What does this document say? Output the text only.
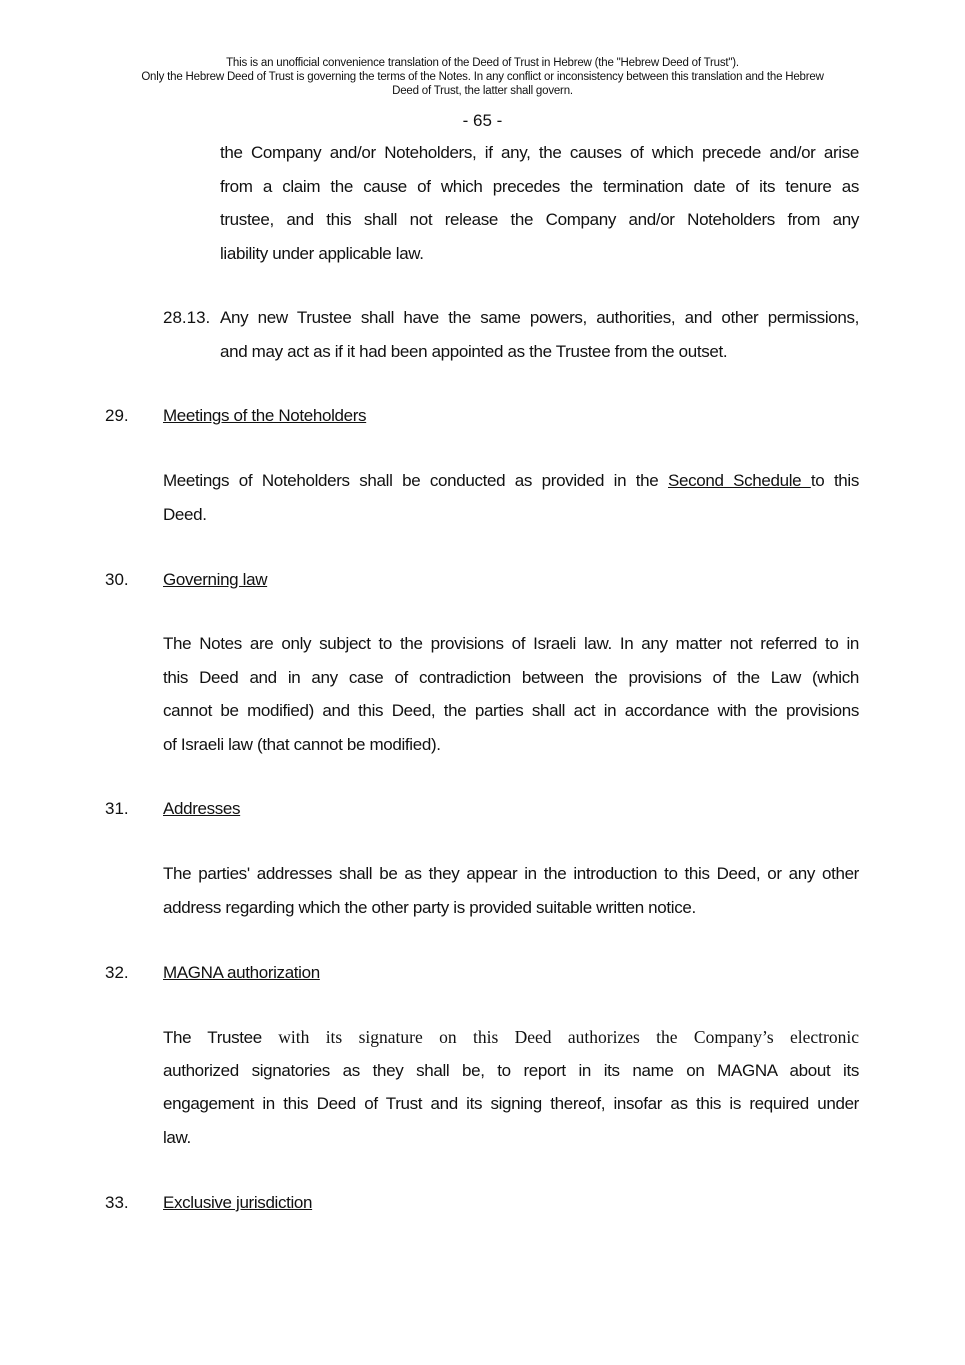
This is an unofficial convenience translation of the Deed of Trust in Hebrew (the "Hebrew Deed of Trust").
Only the Hebrew Deed of Trust is governing the terms of the Notes. In any conflict or inconsistency between this translation and the Hebrew
Deed of Trust, the latter shall govern.
- 65 -
the Company and/or Noteholders, if any, the causes of which precede and/or arise
from a claim the cause of which precedes the termination date of its tenure as
trustee, and this shall not release the Company and/or Noteholders from any
liability under applicable law.
28.13. Any new Trustee shall have the same powers, authorities, and other permissions,
and may act as if it had been appointed as the Trustee from the outset.
29. Meetings of the Noteholders
Meetings of Noteholders shall be conducted as provided in the Second Schedule to this
Deed.
30. Governing law
The Notes are only subject to the provisions of Israeli law. In any matter not referred to in
this Deed and in any case of contradiction between the provisions of the Law (which
cannot be modified) and this Deed, the parties shall act in accordance with the provisions
of Israeli law (that cannot be modified).
31. Addresses
The parties' addresses shall be as they appear in the introduction to this Deed, or any other
address regarding which the other party is provided suitable written notice.
32. MAGNA authorization
The Trustee with its signature on this Deed authorizes the Company’s electronic
authorized signatories as they shall be, to report in its name on MAGNA about its
engagement in this Deed of Trust and its signing thereof, insofar as this is required under
law.
33. Exclusive jurisdiction
